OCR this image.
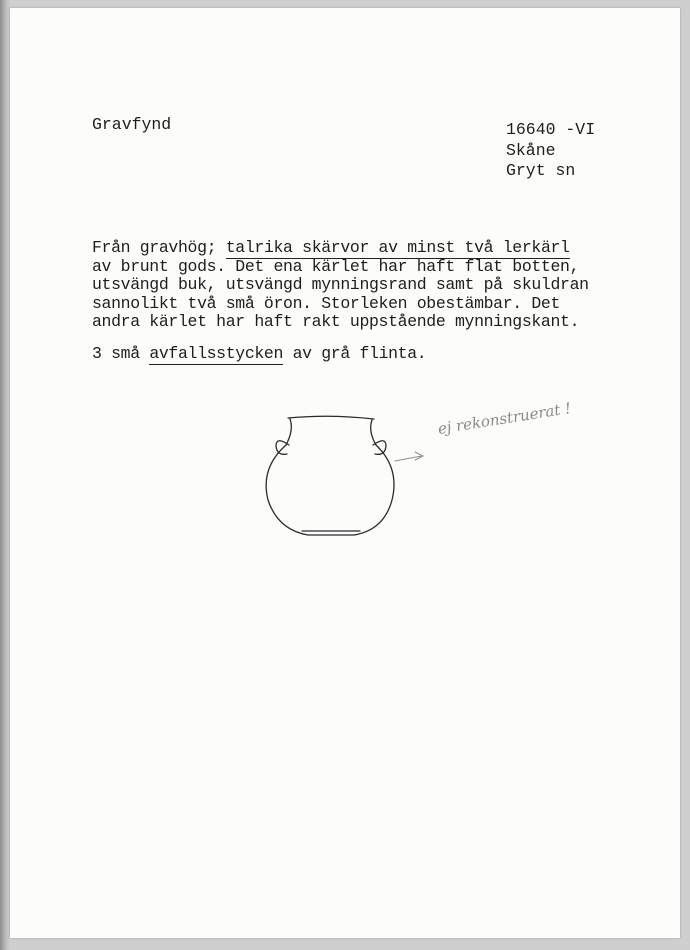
Gravfynd	16640 -VI
Skåne
Gryt sn
Från gravhög; talrika skärvor av minst två lerkärl
av brunt gods. Det ena kärlet har haft flat botten,
utsvängd buk, utsvängd mynningsrand samt på skuldran
sannolikt två små öron. Storleken obestämbar. Det
andra kärlet har haft rakt uppstående mynningskant.
3 små avfallsstycken av grå flinta.
ej rekonstruerat !
